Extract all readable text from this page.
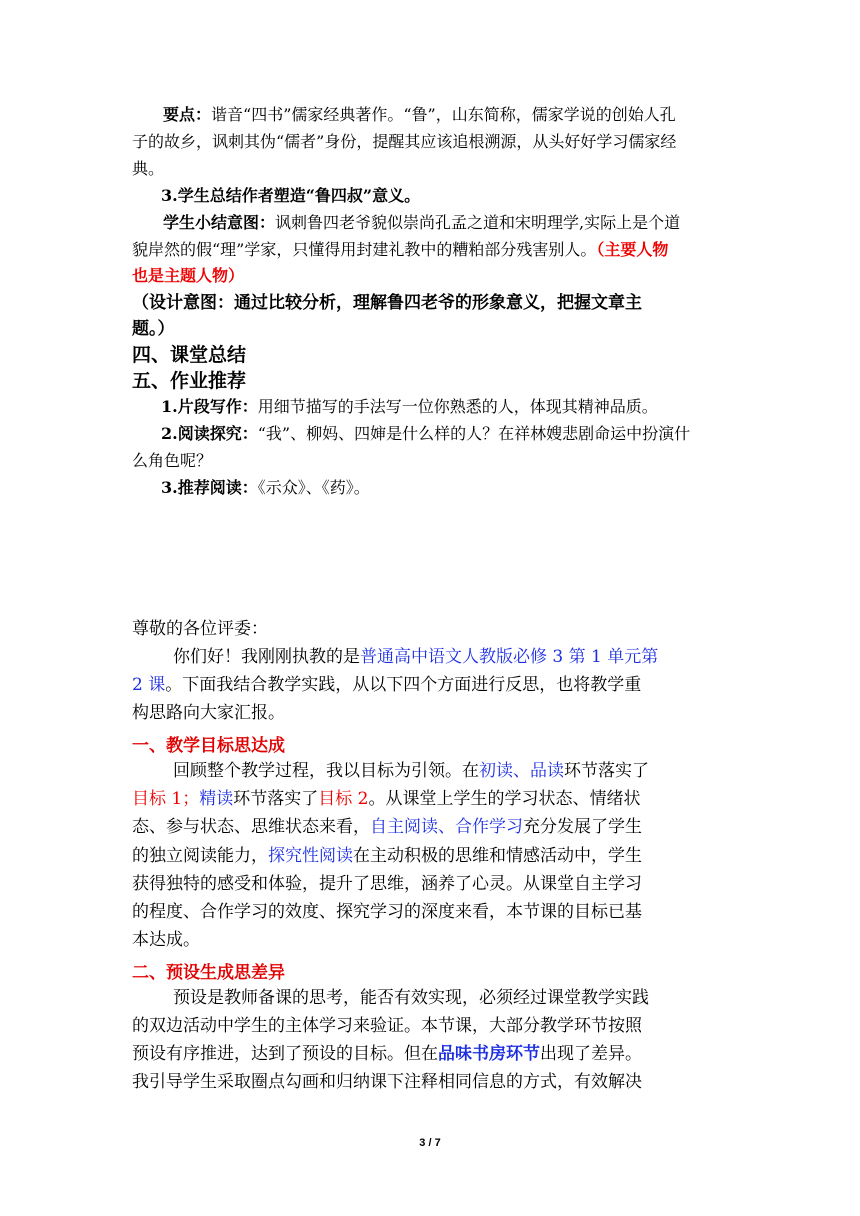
要点：谐音“四书”儒家经典著作。“鲁”，山东简称，儒家学说的创始人孔
子的故乡，讽刺其伪“儒者”身份，提醒其应该追根溯源，从头好好学习儒家经
典。
3.学生总结作者塑造“鲁四叔”意义。
学生小结意图：讽刺鲁四老爷貌似崇尚孔孟之道和宋明理学,实际上是个道
貌岸然的假“理”学家，只懂得用封建礼教中的糟粕部分残害别人。（主要人物
也是主题人物）
（设计意图：通过比较分析，理解鲁四老爷的形象意义，把握文章主
题。）
四、课堂总结
五、作业推荐
1.片段写作：用细节描写的手法写一位你熟悉的人，体现其精神品质。
2.阅读探究：“我”、柳妈、四婶是什么样的人？在祥林嫂悲剧命运中扮演什
么角色呢？
3.推荐阅读：《示众》、《药》。
尊敬的各位评委：
你们好！我刚刚执教的是普通高中语文人教版必修 3 第 1 单元第
2 课。下面我结合教学实践，从以下四个方面进行反思，也将教学重
构思路向大家汇报。
一、教学目标思达成
回顾整个教学过程，我以目标为引领。在初读、品读环节落实了
目标 1；精读环节落实了目标 2。从课堂上学生的学习状态、情绪状
态、参与状态、思维状态来看，自主阅读、合作学习充分发展了学生
的独立阅读能力，探究性阅读在主动积极的思维和情感活动中，学生
获得独特的感受和体验，提升了思维，涵养了心灵。从课堂自主学习
的程度、合作学习的效度、探究学习的深度来看，本节课的目标已基
本达成。
二、预设生成思差异
预设是教师备课的思考，能否有效实现，必须经过课堂教学实践
的双边活动中学生的主体学习来验证。本节课，大部分教学环节按照
预设有序推进，达到了预设的目标。但在品味书房环节出现了差异。
我引导学生采取圈点勾画和归纳课下注释相同信息的方式，有效解决
3 / 7
